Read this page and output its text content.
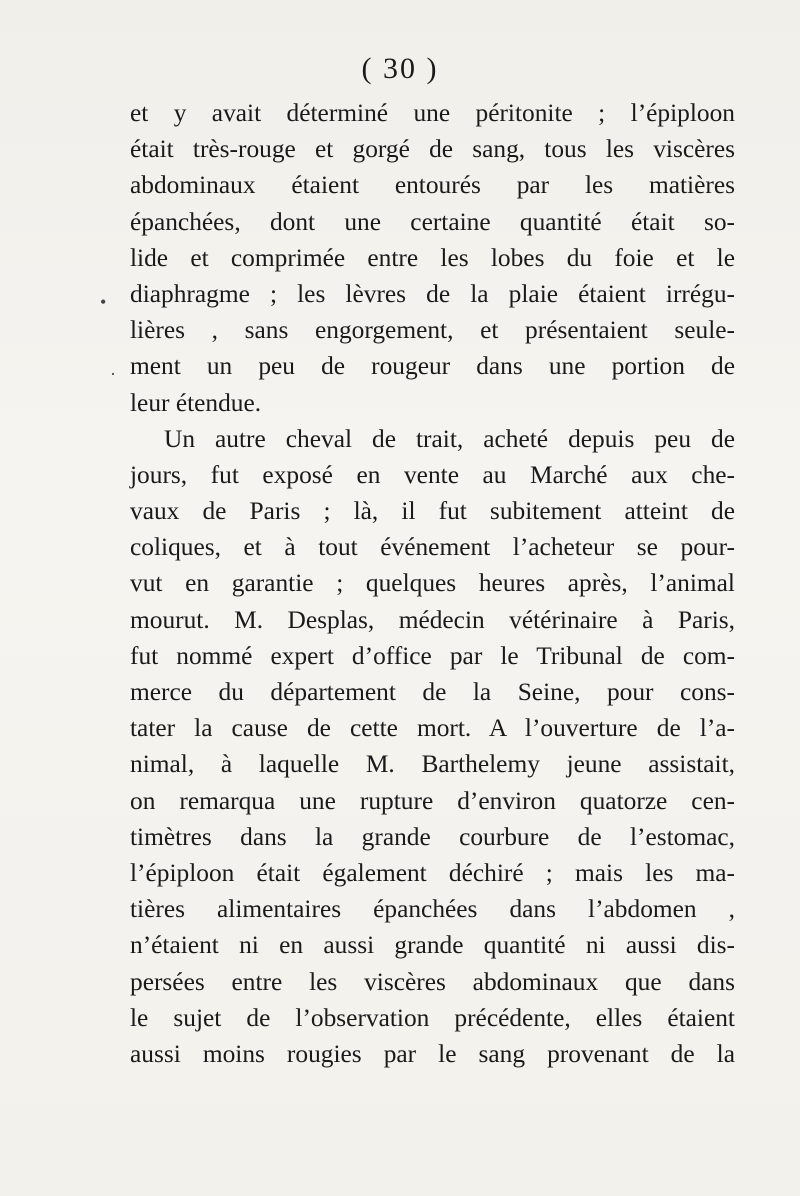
( 30 )
•
·
et y avait déterminé une péritonite ; l’épiploon
était très-rouge et gorgé de sang, tous les viscères
abdominaux étaient entourés par les matières
épanchées, dont une certaine quantité était so-
lide et comprimée entre les lobes du foie et le
diaphragme ; les lèvres de la plaie étaient irrégu-
lières , sans engorgement, et présentaient seule-
ment un peu de rougeur dans une portion de
leur étendue.
Un autre cheval de trait, acheté depuis peu de
jours, fut exposé en vente au Marché aux che-
vaux de Paris ; là, il fut subitement atteint de
coliques, et à tout événement l’acheteur se pour-
vut en garantie ; quelques heures après, l’animal
mourut. M. Desplas, médecin vétérinaire à Paris,
fut nommé expert d’office par le Tribunal de com-
merce du département de la Seine, pour cons-
tater la cause de cette mort. A l’ouverture de l’a-
nimal, à laquelle M. Barthelemy jeune assistait,
on remarqua une rupture d’environ quatorze cen-
timètres dans la grande courbure de l’estomac,
l’épiploon était également déchiré ; mais les ma-
tières alimentaires épanchées dans l’abdomen ,
n’étaient ni en aussi grande quantité ni aussi dis-
persées entre les viscères abdominaux que dans
le sujet de l’observation précédente, elles étaient
aussi moins rougies par le sang provenant de la
